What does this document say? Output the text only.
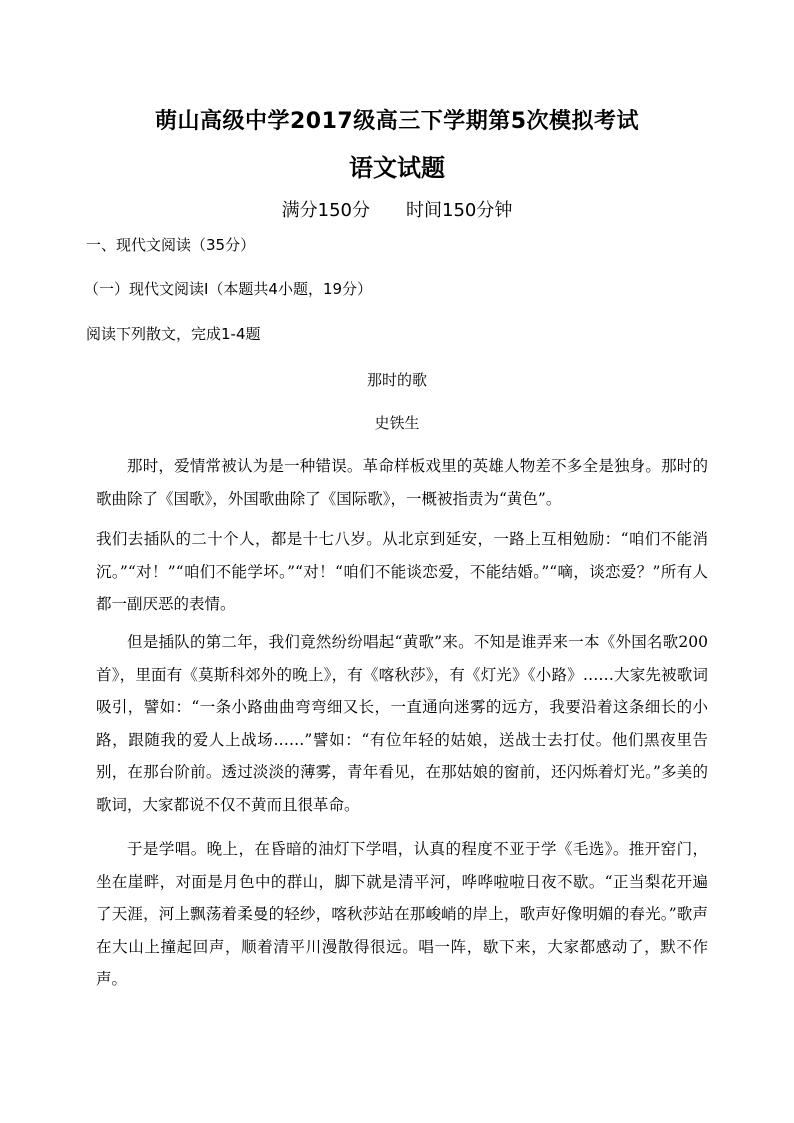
萌山高级中学2017级高三下学期第5次模拟考试
语文试题
满分150分 时间150分钟
一、现代文阅读（35分）
（一）现代文阅读Ⅰ（本题共4小题，19分）
阅读下列散文，完成1-4题
那时的歌
史铁生
那时，爱情常被认为是一种错误。革命样板戏里的英雄人物差不多全是独身。那时的歌曲除了《国歌》，外国歌曲除了《国际歌》，一概被指责为“黄色”。
我们去插队的二十个人，都是十七八岁。从北京到延安，一路上互相勉励：“咱们不能消沉。”“对！”“咱们不能学坏。”“对！“咱们不能谈恋爱，不能结婚。”“嘀，谈恋爱？”所有人都一副厌恶的表情。
但是插队的第二年，我们竟然纷纷唱起“黄歌”来。不知是谁弄来一本《外国名歌200首》，里面有《莫斯科郊外的晚上》，有《喀秋莎》，有《灯光》《小路》……大家先被歌词吸引，譬如：“一条小路曲曲弯弯细又长，一直通向迷雾的远方，我要沿着这条细长的小路，跟随我的爱人上战场……”譬如：“有位年轻的姑娘，送战士去打仗。他们黑夜里告别，在那台阶前。透过淡淡的薄雾，青年看见，在那姑娘的窗前，还闪烁着灯光。”多美的歌词，大家都说不仅不黄而且很革命。
于是学唱。晚上，在昏暗的油灯下学唱，认真的程度不亚于学《毛选》。推开窑门，坐在崖畔，对面是月色中的群山，脚下就是清平河，哗哗啦啦日夜不歇。“正当梨花开遍了天涯，河上飘荡着柔曼的轻纱，喀秋莎站在那峻峭的岸上，歌声好像明媚的春光。”歌声在大山上撞起回声，顺着清平川漫散得很远。唱一阵，歇下来，大家都感动了，默不作声。
